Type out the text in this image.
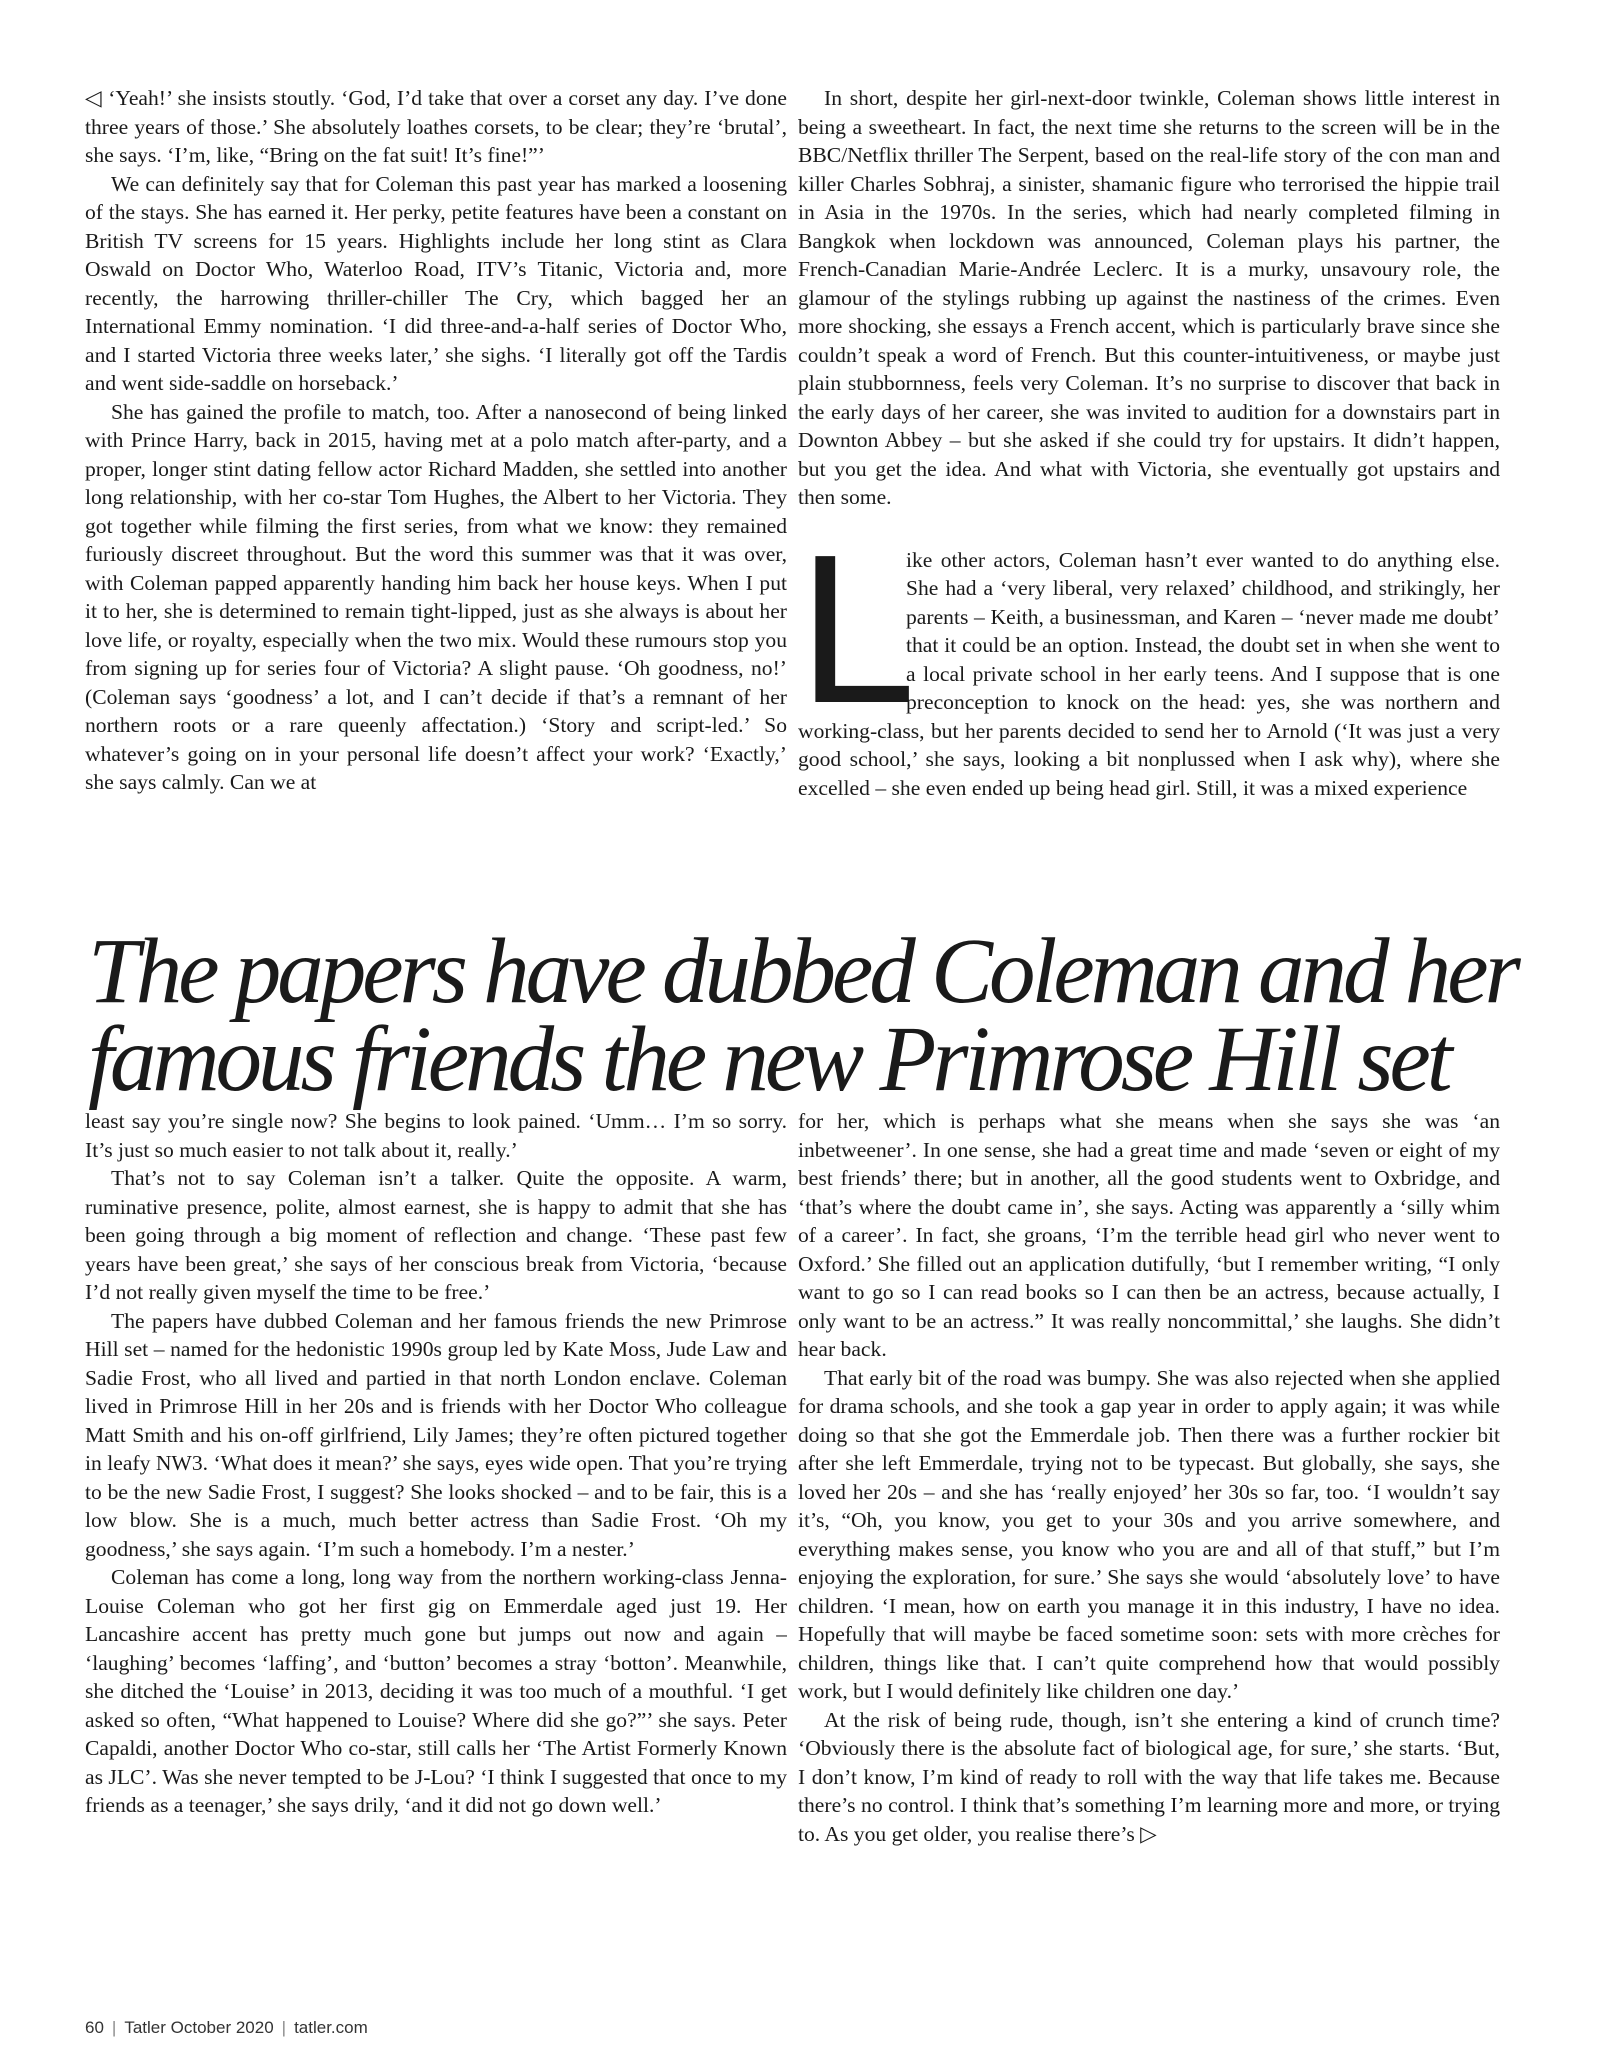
◁ ‘Yeah!’ she insists stoutly. ‘God, I’d take that over a corset any day. I’ve done three years of those.’ She absolutely loathes corsets, to be clear; they’re ‘brutal’, she says. ‘I’m, like, “Bring on the fat suit! It’s fine!”’

We can definitely say that for Coleman this past year has marked a loosening of the stays. She has earned it. Her perky, petite features have been a constant on British TV screens for 15 years. Highlights include her long stint as Clara Oswald on Doctor Who, Waterloo Road, ITV’s Titanic, Victoria and, more recently, the harrowing thriller-chiller The Cry, which bagged her an International Emmy nomination. ‘I did three-and-a-half series of Doctor Who, and I started Victoria three weeks later,’ she sighs. ‘I literally got off the Tardis and went side-saddle on horseback.’

She has gained the profile to match, too. After a nanosecond of being linked with Prince Harry, back in 2015, having met at a polo match after-party, and a proper, longer stint dating fellow actor Richard Madden, she settled into another long relationship, with her co-star Tom Hughes, the Albert to her Victoria. They got together while filming the first series, from what we know: they remained furiously discreet throughout. But the word this summer was that it was over, with Coleman papped apparently handing him back her house keys. When I put it to her, she is determined to remain tight-lipped, just as she always is about her love life, or royalty, especially when the two mix. Would these rumours stop you from signing up for series four of Victoria? A slight pause. ‘Oh goodness, no!’ (Coleman says ‘goodness’ a lot, and I can’t decide if that’s a remnant of her northern roots or a rare queenly affectation.) ‘Story and script-led.’ So whatever’s going on in your personal life doesn’t affect your work? ‘Exactly,’ she says calmly. Can we at

In short, despite her girl-next-door twinkle, Coleman shows little interest in being a sweetheart. In fact, the next time she returns to the screen will be in the BBC/Netflix thriller The Serpent, based on the real-life story of the con man and killer Charles Sobhraj, a sinister, shamanic figure who terrorised the hippie trail in Asia in the 1970s. In the series, which had nearly completed filming in Bangkok when lockdown was announced, Coleman plays his partner, the French-Canadian Marie-Andrée Leclerc. It is a murky, unsavoury role, the glamour of the stylings rubbing up against the nastiness of the crimes. Even more shocking, she essays a French accent, which is particularly brave since she couldn’t speak a word of French. But this counter-intuitiveness, or maybe just plain stubbornness, feels very Coleman. It’s no surprise to discover that back in the early days of her career, she was invited to audition for a downstairs part in Downton Abbey – but she asked if she could try for upstairs. It didn’t happen, but you get the idea. And what with Victoria, she eventually got upstairs and then some.

L
ike other actors, Coleman hasn’t ever wanted to do anything else. She had a ‘very liberal, very relaxed’ childhood, and strikingly, her parents – Keith, a businessman, and Karen – ‘never made me doubt’ that it could be an option. Instead, the doubt set in when she went to a local private school in her early teens. And I suppose that is one preconception to knock on the head: yes, she was northern and working-class, but her parents decided to send her to Arnold (‘It was just a very good school,’ she says, looking a bit nonplussed when I ask why), where she excelled – she even ended up being head girl. Still, it was a mixed experience

The papers have dubbed Coleman and her
famous friends the new Primrose Hill set

least say you’re single now? She begins to look pained. ‘Umm… I’m so sorry. It’s just so much easier to not talk about it, really.’

That’s not to say Coleman isn’t a talker. Quite the opposite. A warm, ruminative presence, polite, almost earnest, she is happy to admit that she has been going through a big moment of reflection and change. ‘These past few years have been great,’ she says of her conscious break from Victoria, ‘because I’d not really given myself the time to be free.’

The papers have dubbed Coleman and her famous friends the new Primrose Hill set – named for the hedonistic 1990s group led by Kate Moss, Jude Law and Sadie Frost, who all lived and partied in that north London enclave. Coleman lived in Primrose Hill in her 20s and is friends with her Doctor Who colleague Matt Smith and his on-off girlfriend, Lily James; they’re often pictured together in leafy NW3. ‘What does it mean?’ she says, eyes wide open. That you’re trying to be the new Sadie Frost, I suggest? She looks shocked – and to be fair, this is a low blow. She is a much, much better actress than Sadie Frost. ‘Oh my goodness,’ she says again. ‘I’m such a homebody. I’m a nester.’

Coleman has come a long, long way from the northern working-class Jenna-Louise Coleman who got her first gig on Emmerdale aged just 19. Her Lancashire accent has pretty much gone but jumps out now and again – ‘laughing’ becomes ‘laffing’, and ‘button’ becomes a stray ‘botton’. Meanwhile, she ditched the ‘Louise’ in 2013, deciding it was too much of a mouthful. ‘I get asked so often, “What happened to Louise? Where did she go?”’ she says. Peter Capaldi, another Doctor Who co-star, still calls her ‘The Artist Formerly Known as JLC’. Was she never tempted to be J-Lou? ‘I think I suggested that once to my friends as a teenager,’ she says drily, ‘and it did not go down well.’

for her, which is perhaps what she means when she says she was ‘an inbetweener’. In one sense, she had a great time and made ‘seven or eight of my best friends’ there; but in another, all the good students went to Oxbridge, and ‘that’s where the doubt came in’, she says. Acting was apparently a ‘silly whim of a career’. In fact, she groans, ‘I’m the terrible head girl who never went to Oxford.’ She filled out an application dutifully, ‘but I remember writing, “I only want to go so I can read books so I can then be an actress, because actually, I only want to be an actress.” It was really noncommittal,’ she laughs. She didn’t hear back.

That early bit of the road was bumpy. She was also rejected when she applied for drama schools, and she took a gap year in order to apply again; it was while doing so that she got the Emmerdale job. Then there was a further rockier bit after she left Emmerdale, trying not to be typecast. But globally, she says, she loved her 20s – and she has ‘really enjoyed’ her 30s so far, too. ‘I wouldn’t say it’s, “Oh, you know, you get to your 30s and you arrive somewhere, and everything makes sense, you know who you are and all of that stuff,” but I’m enjoying the exploration, for sure.’ She says she would ‘absolutely love’ to have children. ‘I mean, how on earth you manage it in this industry, I have no idea. Hopefully that will maybe be faced sometime soon: sets with more crèches for children, things like that. I can’t quite comprehend how that would possibly work, but I would definitely like children one day.’

At the risk of being rude, though, isn’t she entering a kind of crunch time? ‘Obviously there is the absolute fact of biological age, for sure,’ she starts. ‘But, I don’t know, I’m kind of ready to roll with the way that life takes me. Because there’s no control. I think that’s something I’m learning more and more, or trying to. As you get older, you realise there’s ▷

60 | Tatler October 2020 | tatler.com
